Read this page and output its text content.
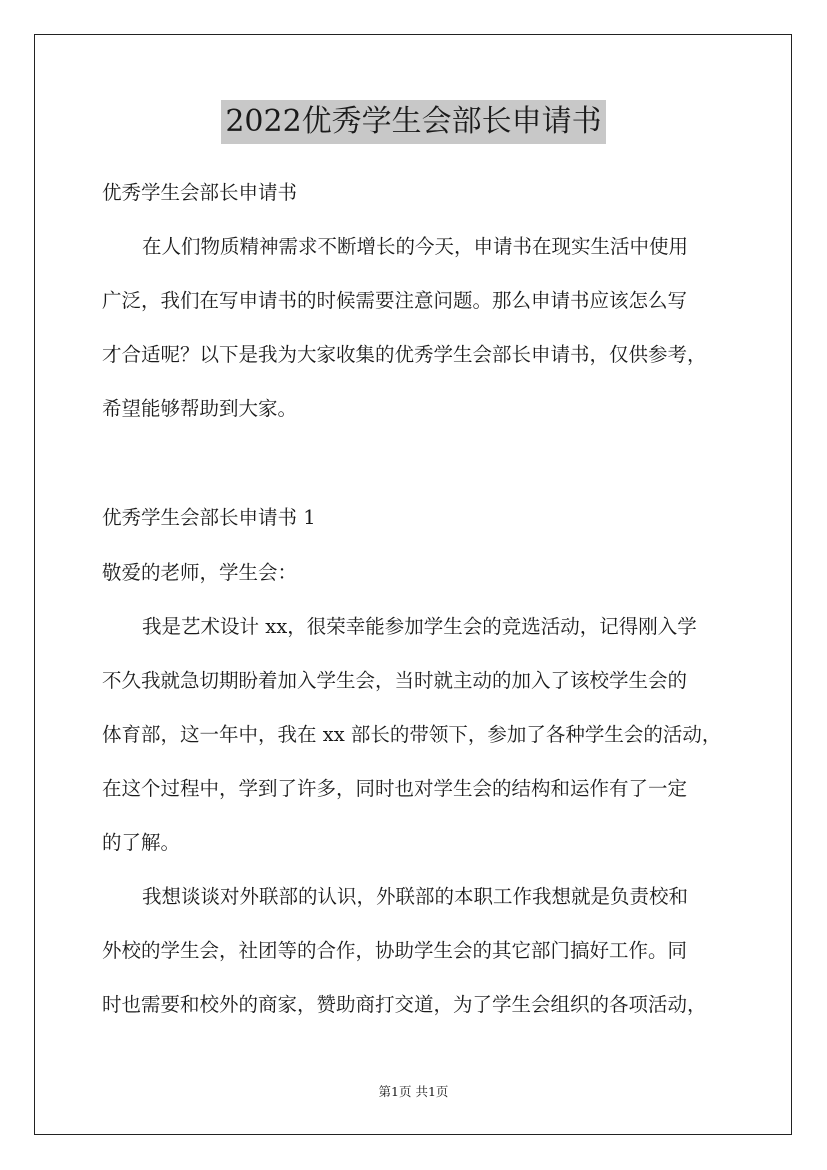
2022优秀学生会部长申请书
优秀学生会部长申请书
在人们物质精神需求不断增长的今天，申请书在现实生活中使用
广泛，我们在写申请书的时候需要注意问题。那么申请书应该怎么写
才合适呢？以下是我为大家收集的优秀学生会部长申请书，仅供参考，
希望能够帮助到大家。
优秀学生会部长申请书 1
敬爱的老师，学生会：
我是艺术设计 xx，很荣幸能参加学生会的竞选活动，记得刚入学
不久我就急切期盼着加入学生会，当时就主动的加入了该校学生会的
体育部，这一年中，我在 xx 部长的带领下，参加了各种学生会的活动，
在这个过程中，学到了许多，同时也对学生会的结构和运作有了一定
的了解。
我想谈谈对外联部的认识，外联部的本职工作我想就是负责校和
外校的学生会，社团等的合作，协助学生会的其它部门搞好工作。同
时也需要和校外的商家，赞助商打交道，为了学生会组织的各项活动，
第1页 共1页
